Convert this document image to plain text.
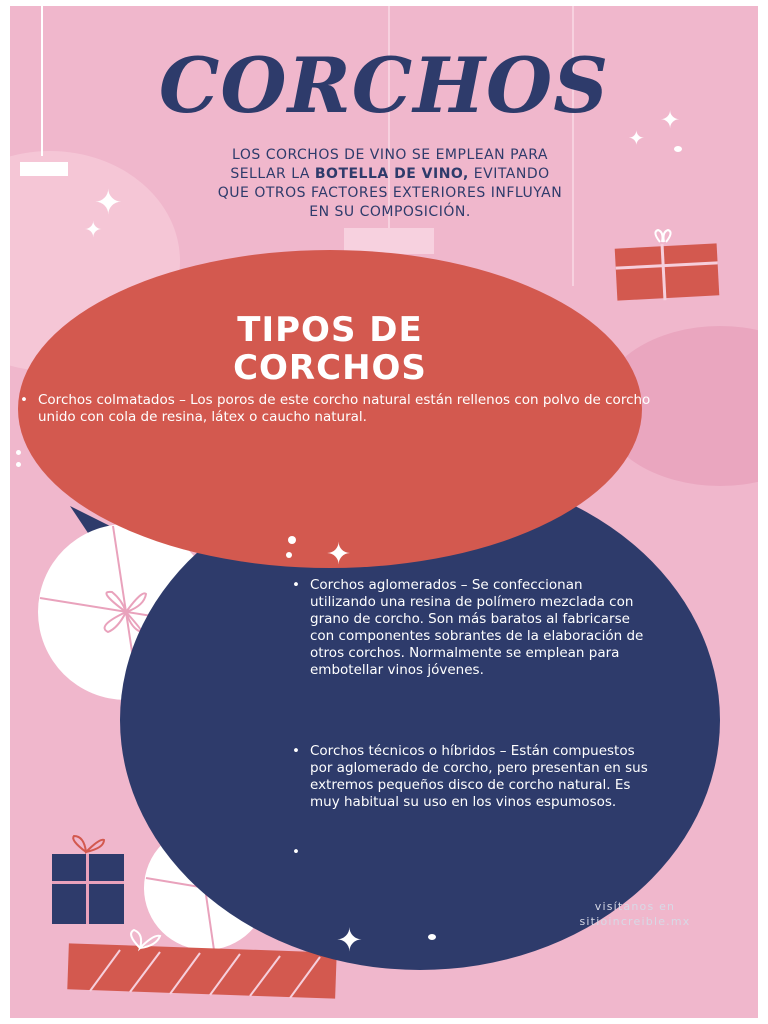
✦
✦
✦
✦
✦
✦
CORCHOS

LOS CORCHOS DE VINO SE EMPLEAN PARA
SELLAR LA BOTELLA DE VINO, EVITANDO
QUE OTROS FACTORES EXTERIORES INFLUYAN
EN SU COMPOSICIÓN.

TIPOS DE
CORCHOS

• Corchos colmatados – Los poros de este corcho natural están rellenos con polvo de corcho unido con cola de resina, látex o caucho natural.

• Corchos aglomerados – Se confeccionan utilizando una resina de polímero mezclada con grano de corcho. Son más baratos al fabricarse con componentes sobrantes de la elaboración de otros corchos. Normalmente se emplean para embotellar vinos jóvenes.

• Corchos técnicos o híbridos – Están compuestos por aglomerado de corcho, pero presentan en sus extremos pequeños disco de corcho natural. Es muy habitual su uso en los vinos espumosos.

visítanos en
sitioincreible.mx
